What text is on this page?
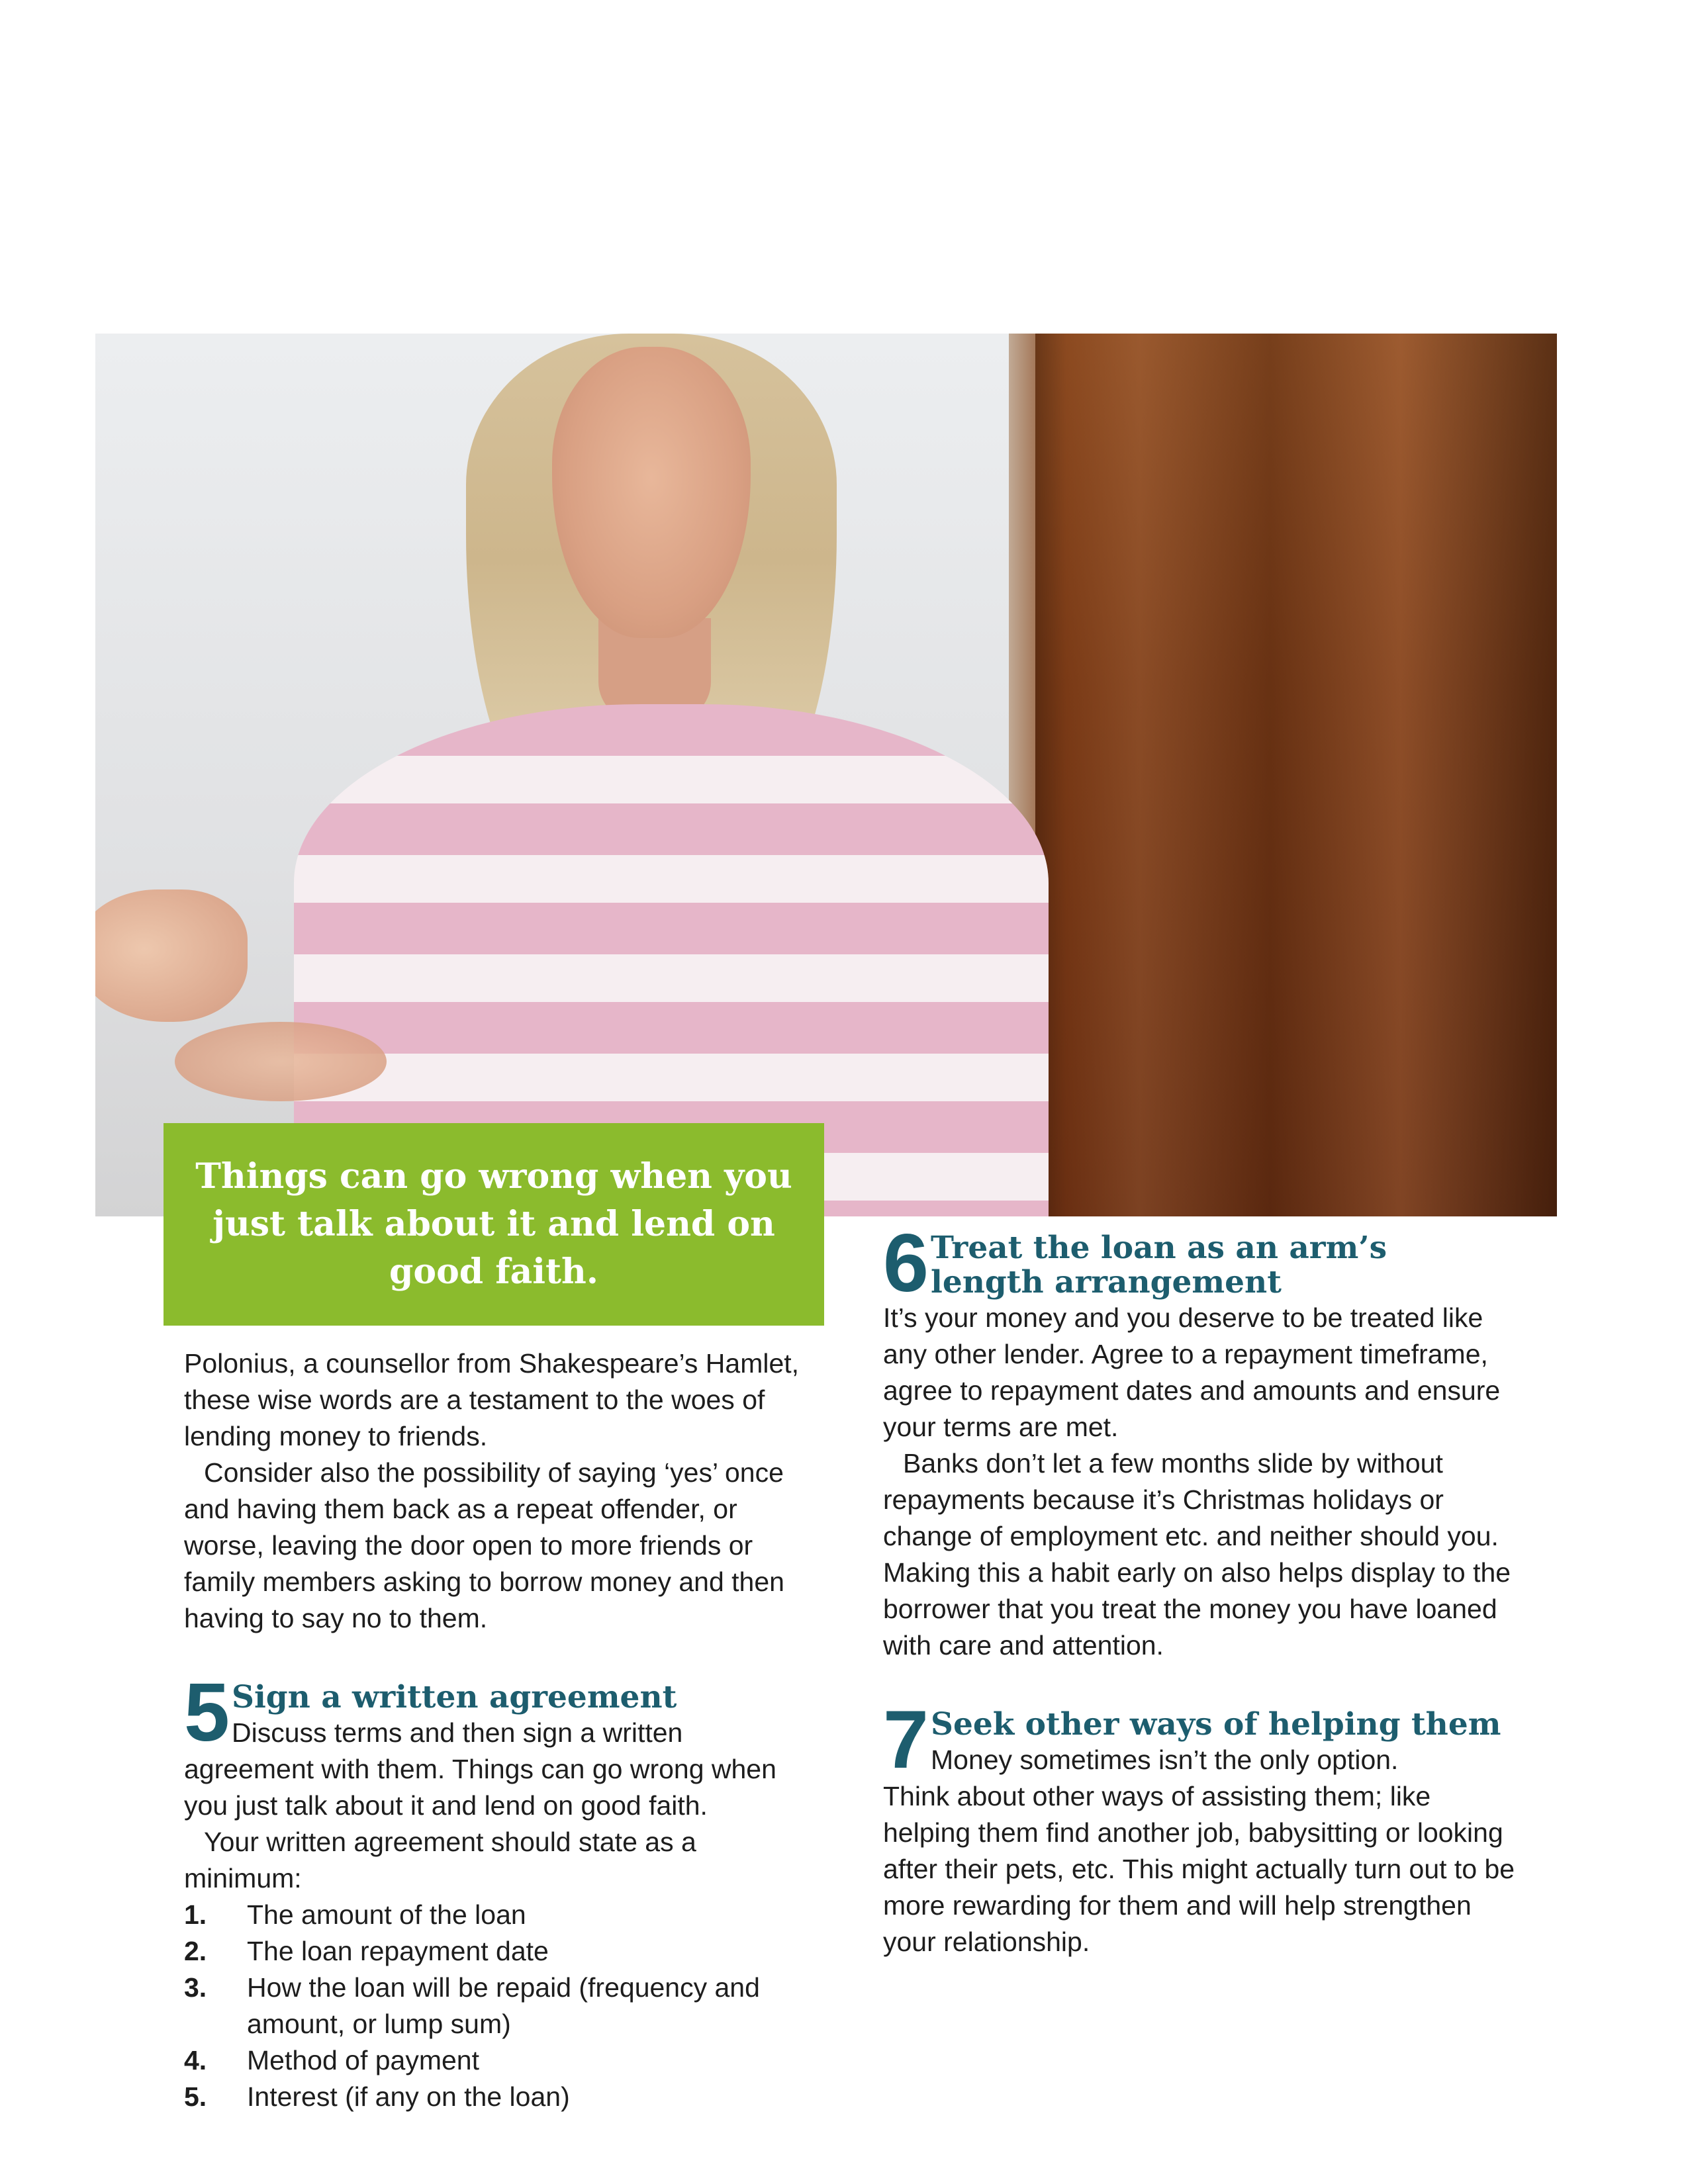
Things can go wrong when you just talk about it and lend on good faith.

Polonius, a counsellor from Shakespeare’s Hamlet, these wise words are a testament to the woes of lending money to friends.

Consider also the possibility of saying ‘yes’ once and having them back as a repeat offender, or worse, leaving the door open to more friends or family members asking to borrow money and then having to say no to them.

5 Sign a written agreement

Discuss terms and then sign a written

agreement with them. Things can go wrong when you just talk about it and lend on good faith.

Your written agreement should state as a minimum:

1.	The amount of the loan
2.	The loan repayment date
3.	How the loan will be repaid (frequency and amount, or lump sum)
4.	Method of payment
5.	Interest (if any on the loan)
6 Treat the loan as an arm’s
length arrangement

It’s your money and you deserve to be treated like any other lender. Agree to a repayment timeframe, agree to repayment dates and amounts and ensure your terms are met.

Banks don’t let a few months slide by without repayments because it’s Christmas holidays or change of employment etc. and neither should you. Making this a habit early on also helps display to the borrower that you treat the money you have loaned with care and attention.

7 Seek other ways of helping them

Money sometimes isn’t the only option.

Think about other ways of assisting them; like helping them find another job, babysitting or looking after their pets, etc. This might actually turn out to be more rewarding for them and will help strengthen your relationship.
